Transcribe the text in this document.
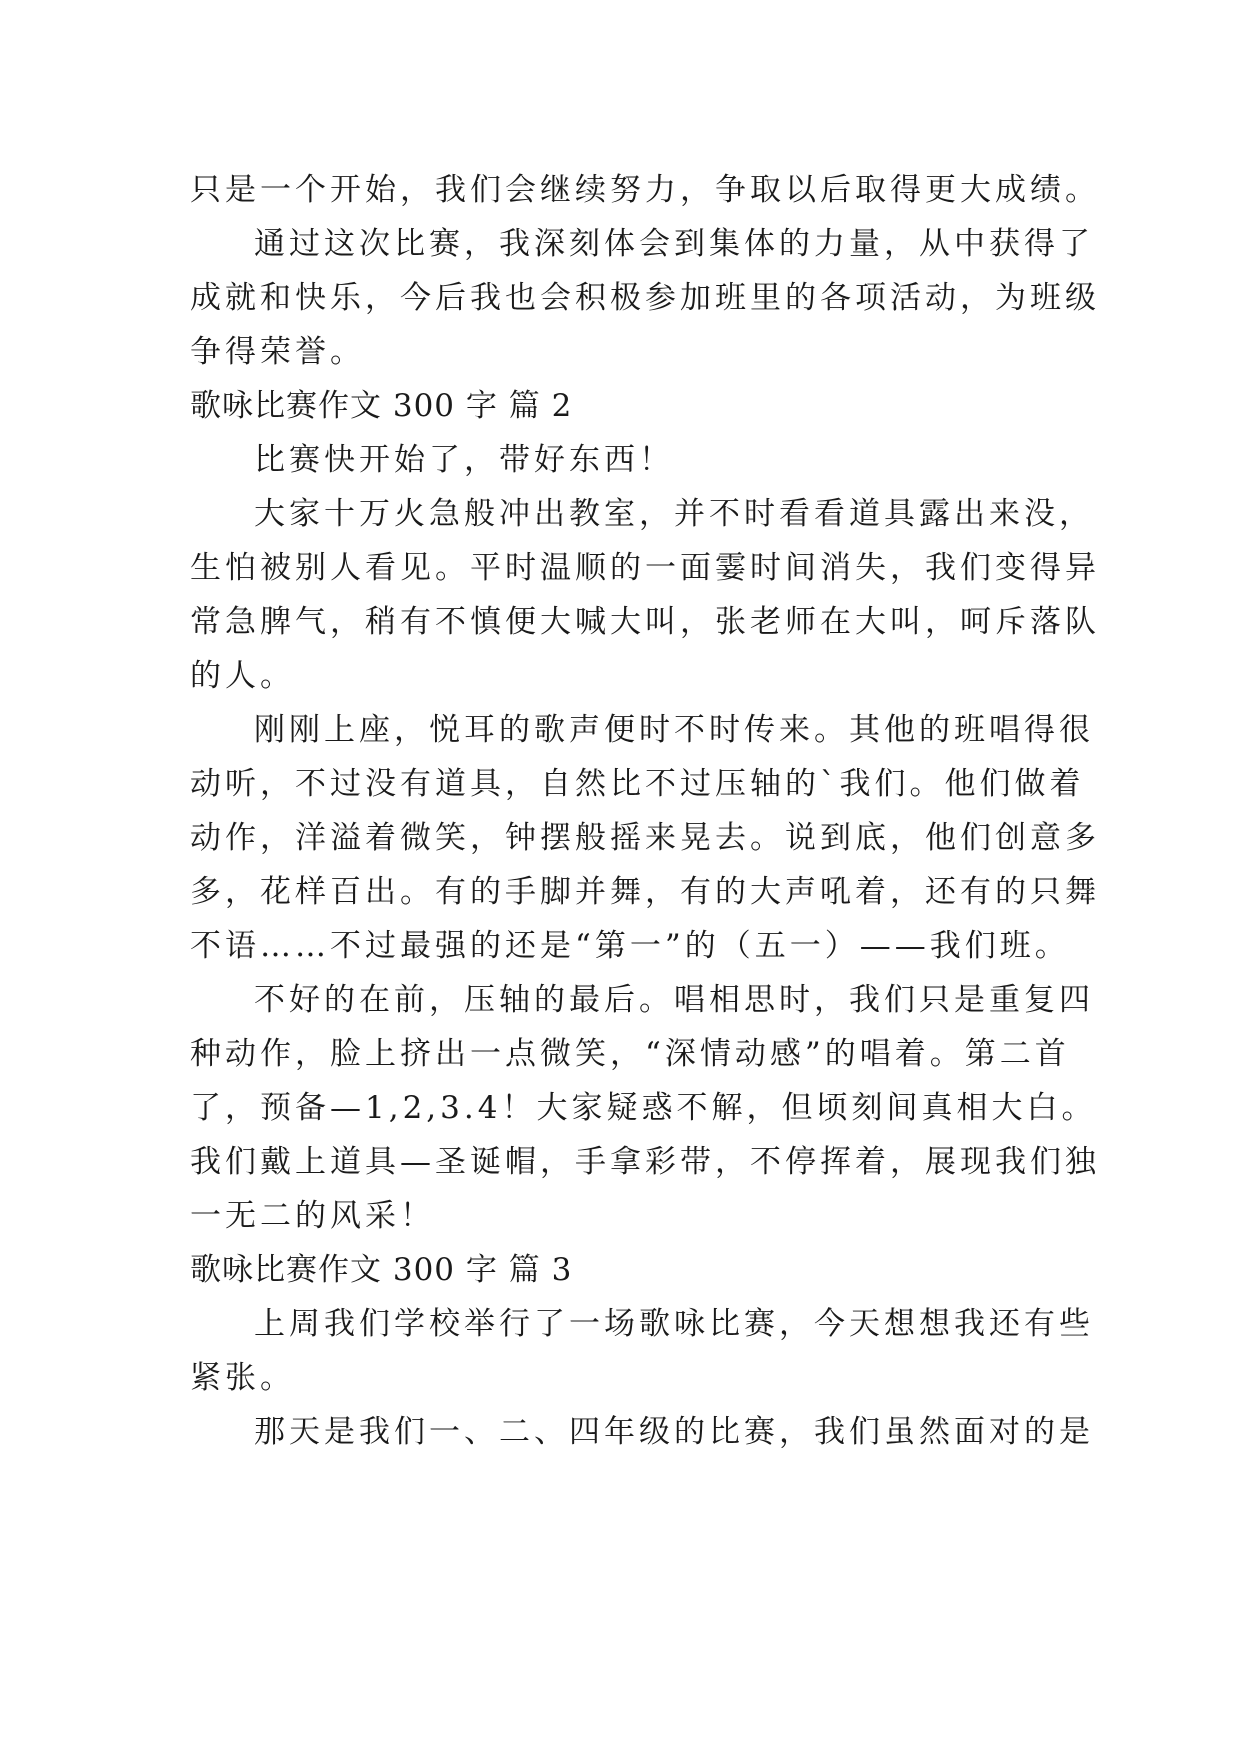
只是一个开始，我们会继续努力，争取以后取得更大成绩。
通过这次比赛，我深刻体会到集体的力量，从中获得了
成就和快乐，今后我也会积极参加班里的各项活动，为班级
争得荣誉。
歌咏比赛作文 300 字 篇 2
比赛快开始了，带好东西！
大家十万火急般冲出教室，并不时看看道具露出来没，
生怕被别人看见。平时温顺的一面霎时间消失，我们变得异
常急脾气，稍有不慎便大喊大叫，张老师在大叫，呵斥落队
的人。
刚刚上座，悦耳的歌声便时不时传来。其他的班唱得很
动听，不过没有道具，自然比不过压轴的`我们。他们做着
动作，洋溢着微笑，钟摆般摇来晃去。说到底，他们创意多
多，花样百出。有的手脚并舞，有的大声吼着，还有的只舞
不语……不过最强的还是“第一”的（五一）——我们班。
不好的在前，压轴的最后。唱相思时，我们只是重复四
种动作，脸上挤出一点微笑，“深情动感”的唱着。第二首
了，预备—1,2,3.4！大家疑惑不解，但顷刻间真相大白。
我们戴上道具—圣诞帽，手拿彩带，不停挥着，展现我们独
一无二的风采！
歌咏比赛作文 300 字 篇 3
上周我们学校举行了一场歌咏比赛，今天想想我还有些
紧张。
那天是我们一、二、四年级的比赛，我们虽然面对的是
